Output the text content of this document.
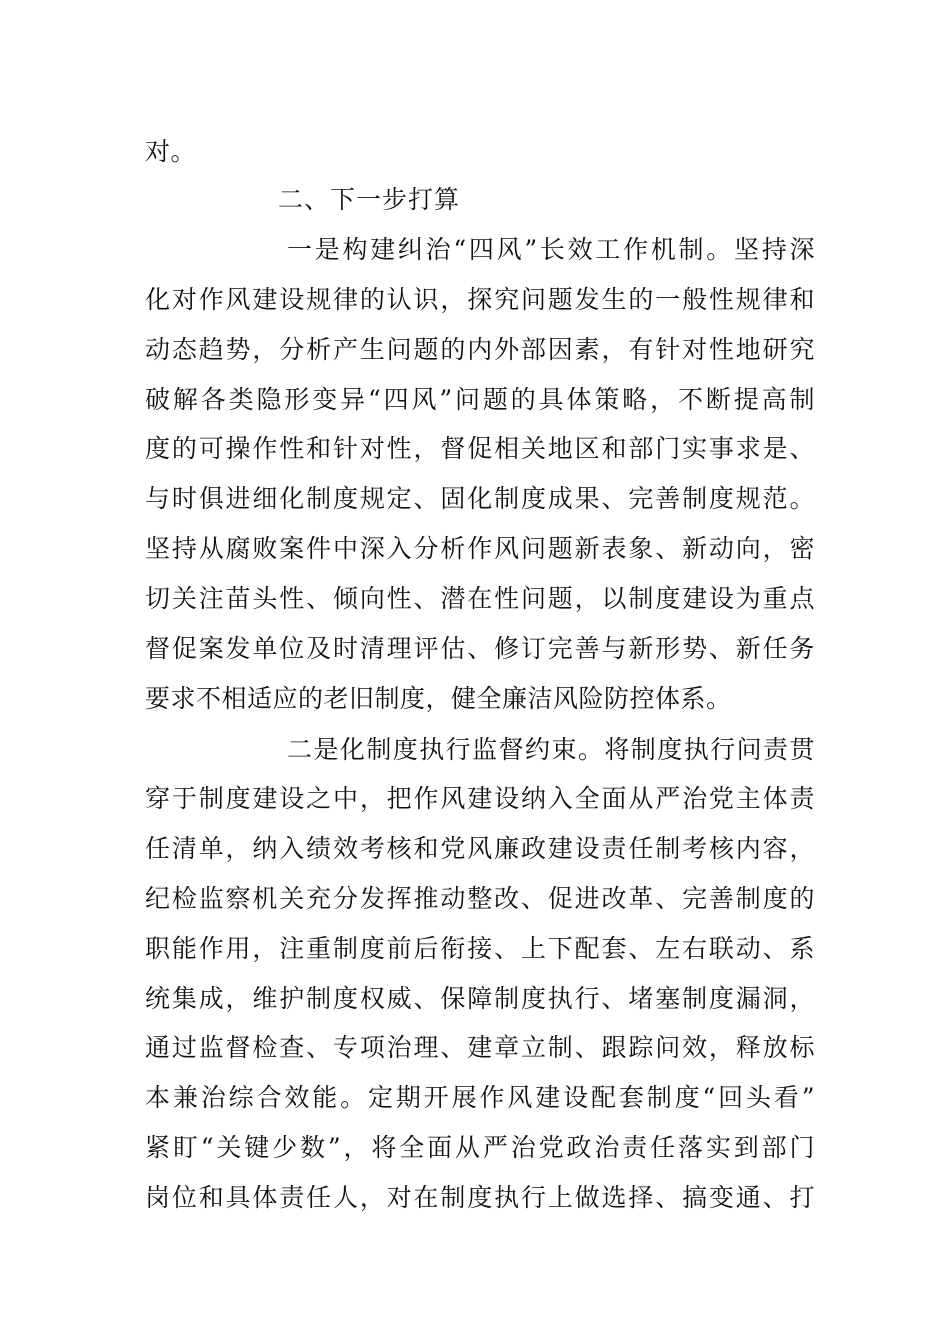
对。
二、下一步打算
一是构建纠治“四风”长效工作机制。坚持深
化对作风建设规律的认识，探究问题发生的一般性规律和
动态趋势，分析产生问题的内外部因素，有针对性地研究
破解各类隐形变异“四风”问题的具体策略，不断提高制
度的可操作性和针对性，督促相关地区和部门实事求是、
与时俱进细化制度规定、固化制度成果、完善制度规范。
坚持从腐败案件中深入分析作风问题新表象、新动向，密
切关注苗头性、倾向性、潜在性问题，以制度建设为重点
督促案发单位及时清理评估、修订完善与新形势、新任务
要求不相适应的老旧制度，健全廉洁风险防控体系。
二是化制度执行监督约束。将制度执行问责贯
穿于制度建设之中，把作风建设纳入全面从严治党主体责
任清单，纳入绩效考核和党风廉政建设责任制考核内容，
纪检监察机关充分发挥推动整改、促进改革、完善制度的
职能作用，注重制度前后衔接、上下配套、左右联动、系
统集成，维护制度权威、保障制度执行、堵塞制度漏洞，
通过监督检查、专项治理、建章立制、跟踪问效，释放标
本兼治综合效能。定期开展作风建设配套制度“回头看”
紧盯“关键少数”，将全面从严治党政治责任落实到部门
岗位和具体责任人，对在制度执行上做选择、搞变通、打
